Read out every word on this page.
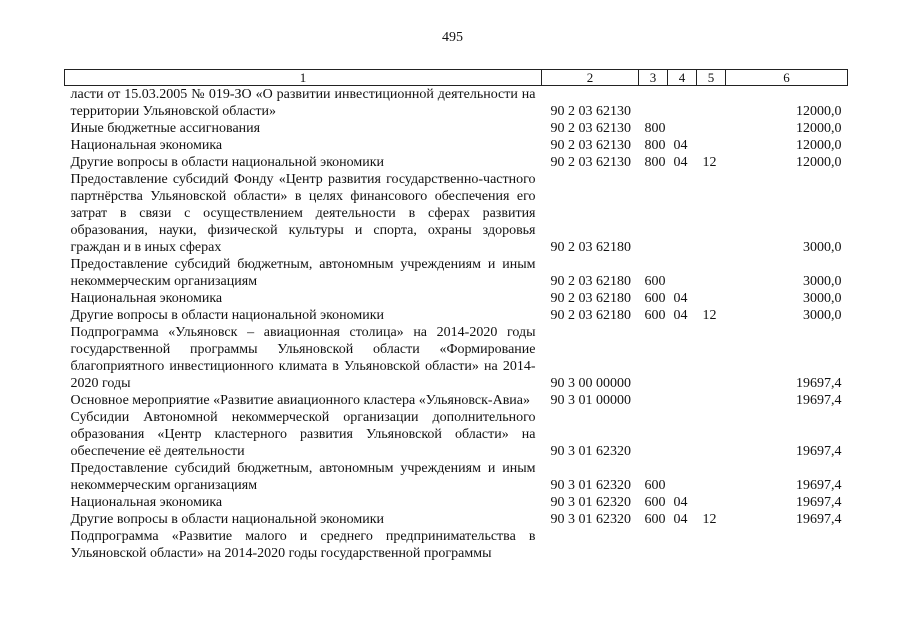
495
1	2	3	4	5	6
ласти от 15.03.2005 № 019-ЗО «О развитии инвестиционной деятельности на территории Ульяновской области»	90 2 03 62130				12000,0
Иные бюджетные ассигнования	90 2 03 62130	800			12000,0
Национальная экономика	90 2 03 62130	800	04		12000,0
Другие вопросы в области национальной экономики	90 2 03 62130	800	04	12	12000,0
Предоставление субсидий Фонду «Центр развития государственно-частного партнёрства Ульяновской области» в целях финансового обеспечения его затрат в связи с осуществлением деятельности в сферах развития образования, науки, физической культуры и спорта, охраны здоровья граждан и в иных сферах	90 2 03 62180				3000,0
Предоставление субсидий бюджетным, автономным учреждениям и иным некоммерческим организациям	90 2 03 62180	600			3000,0
Национальная экономика	90 2 03 62180	600	04		3000,0
Другие вопросы в области национальной экономики	90 2 03 62180	600	04	12	3000,0
Подпрограмма «Ульяновск – авиационная столица» на 2014-2020 годы государственной программы Ульяновской области «Формирование благоприятного инвестиционного климата в Ульяновской области» на 2014-2020 годы	90 3 00 00000				19697,4
Основное мероприятие «Развитие авиационного кластера «Ульяновск-Авиа»	90 3 01 00000				19697,4
Субсидии Автономной некоммерческой организации дополнительного образования «Центр кластерного развития Ульяновской области» на обеспечение её деятельности	90 3 01 62320				19697,4
Предоставление субсидий бюджетным, автономным учреждениям и иным некоммерческим организациям	90 3 01 62320	600			19697,4
Национальная экономика	90 3 01 62320	600	04		19697,4
Другие вопросы в области национальной экономики	90 3 01 62320	600	04	12	19697,4
Подпрограмма «Развитие малого и среднего предпринимательства в Ульяновской области» на 2014-2020 годы государственной программы					
